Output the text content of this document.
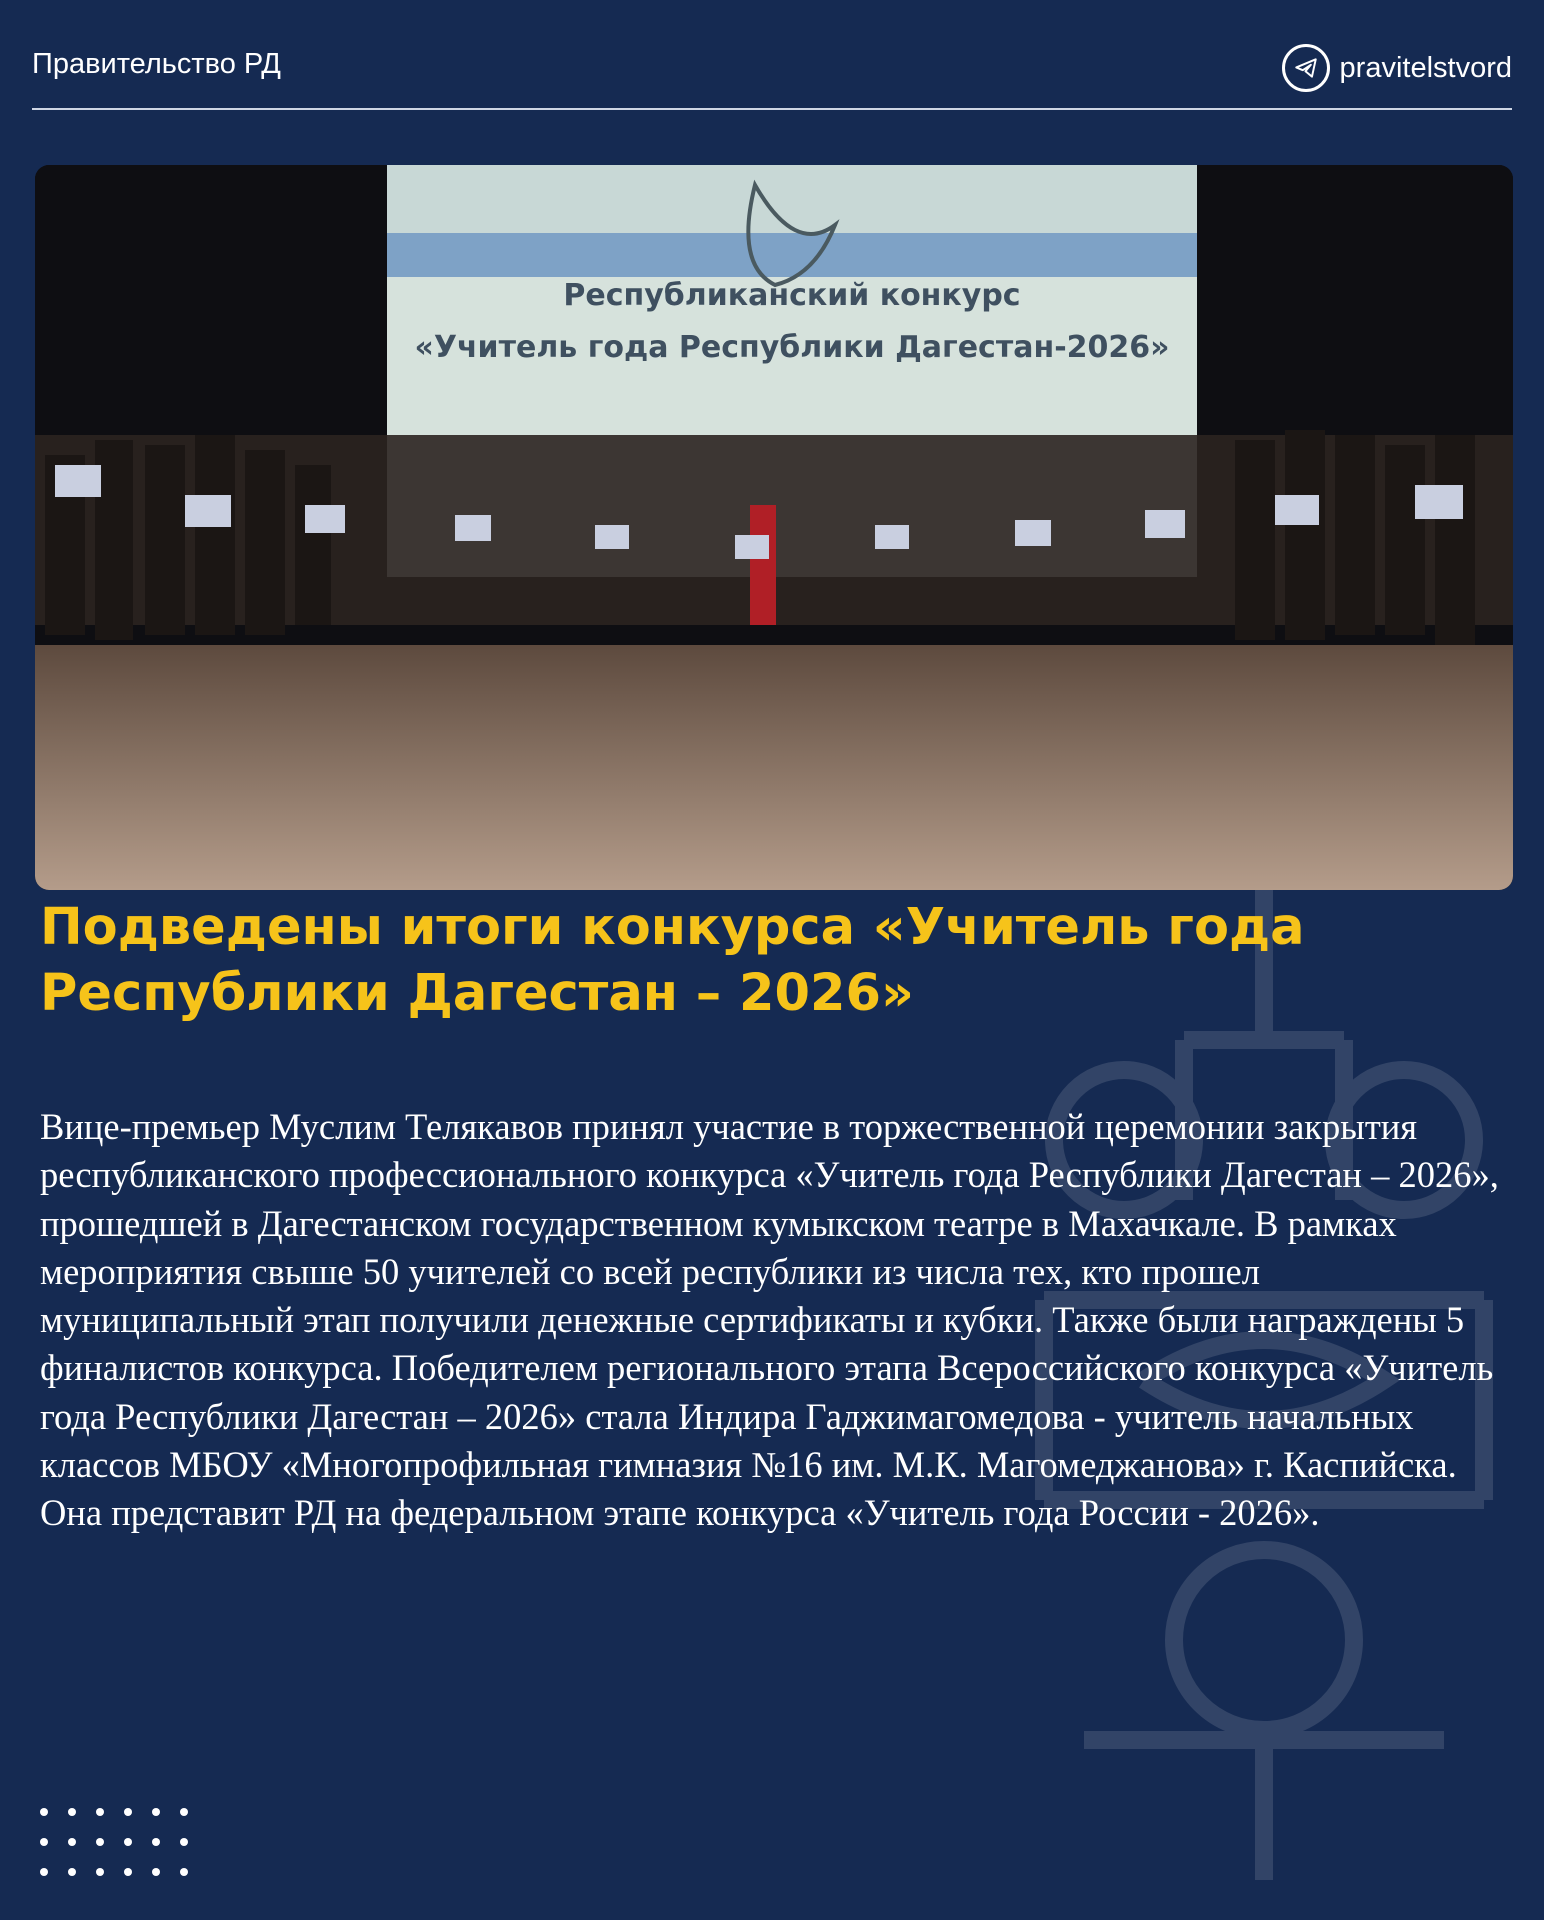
Правительство РД	pravitelstvord
Республиканский конкурс
«Учитель года Республики Дагестан-2026»
Подведены итоги конкурса «Учитель года Республики Дагестан – 2026»

Вице-премьер Муслим Телякавов принял участие в торжественной церемонии закрытия республиканского профессионального конкурса «Учитель года Республики Дагестан – 2026», прошедшей в Дагестанском государственном кумыкском театре в Махачкале. В рамках мероприятия свыше 50 учителей со всей республики из числа тех, кто прошел муниципальный этап получили денежные сертификаты и кубки. Также были награждены 5 финалистов конкурса. Победителем регионального этапа Всероссийского конкурса «Учитель года Республики Дагестан – 2026» стала Индира Гаджимагомедова - учитель начальных классов МБОУ «Многопрофильная гимназия №16 им. М.К. Магомеджанова» г. Каспийска. Она представит РД на федеральном этапе конкурса «Учитель года России - 2026».
